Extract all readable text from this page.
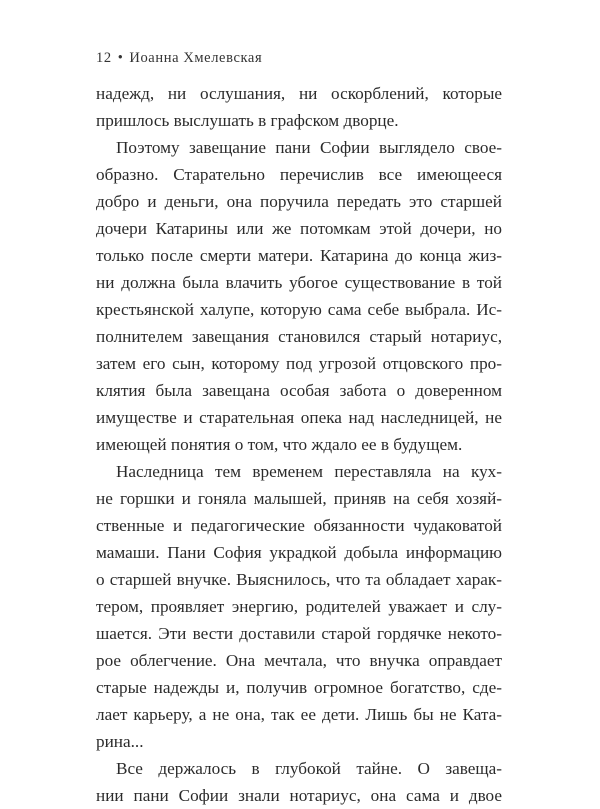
12 • Иоанна Хмелевская
надежд, ни ослушания, ни оскорблений, которые
пришлось выслушать в графском дворце.
Поэтому завещание пани Софии выглядело свое-
образно. Старательно перечислив все имеющееся
добро и деньги, она поручила передать это старшей
дочери Катарины или же потомкам этой дочери, но
только после смерти матери. Катарина до конца жиз-
ни должна была влачить убогое существование в той
крестьянской халупе, которую сама себе выбрала. Ис-
полнителем завещания становился старый нотариус,
затем его сын, которому под угрозой отцовского про-
клятия была завещана особая забота о доверенном
имуществе и старательная опека над наследницей, не
имеющей понятия о том, что ждало ее в будущем.
Наследница тем временем переставляла на кух-
не горшки и гоняла малышей, приняв на себя хозяй-
ственные и педагогические обязанности чудаковатой
мамаши. Пани София украдкой добыла информацию
о старшей внучке. Выяснилось, что та обладает харак-
тером, проявляет энергию, родителей уважает и слу-
шается. Эти вести доставили старой гордячке некото-
рое облегчение. Она мечтала, что внучка оправдает
старые надежды и, получив огромное богатство, сде-
лает карьеру, а не она, так ее дети. Лишь бы не Ката-
рина...
Все держалось в глубокой тайне. О завеща-
нии пани Софии знали нотариус, она сама и двое
